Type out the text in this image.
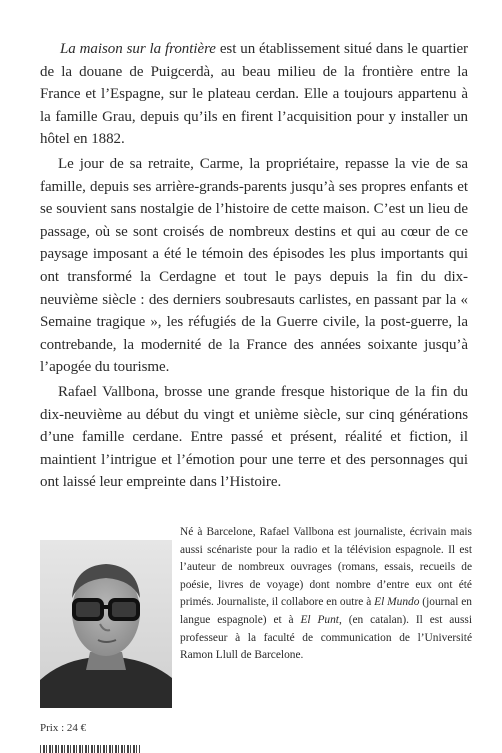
La maison sur la frontière est un établissement situé dans le quartier de la douane de Puigcerdà, au beau milieu de la frontière entre la France et l’Espagne, sur le plateau cerdan. Elle a toujours appartenu à la famille Grau, depuis qu’ils en firent l’acquisition pour y installer un hôtel en 1882.

Le jour de sa retraite, Carme, la propriétaire, repasse la vie de sa famille, depuis ses arrière-grands-parents jusqu’à ses propres enfants et se souvient sans nostalgie de l’histoire de cette maison. C’est un lieu de passage, où se sont croisés de nombreux destins et qui au cœur de ce paysage imposant a été le témoin des épisodes les plus importants qui ont transformé la Cerdagne et tout le pays depuis la fin du dix-neuvième siècle : des derniers soubresauts carlistes, en passant par la « Semaine tragique », les réfugiés de la Guerre civile, la post-guerre, la contrebande, la modernité de la France des années soixante jusqu’à l’apogée du tourisme.

Rafael Vallbona, brosse une grande fresque historique de la fin du dix-neuvième au début du vingt et unième siècle, sur cinq générations d’une famille cerdane. Entre passé et présent, réalité et fiction, il maintient l’intrigue et l’émotion pour une terre et des personnages qui ont laissé leur empreinte dans l’Histoire.

Né à Barcelone, Rafael Vallbona est journaliste, écrivain mais aussi scénariste pour la radio et la télévision espagnole. Il est l’auteur de nombreux ouvrages (romans, essais, recueils de poésie, livres de voyage) dont nombre d’entre eux ont été primés. Journaliste, il collabore en outre à El Mundo (journal en langue espagnole) et à El Punt, (en catalan). Il est aussi professeur à la faculté de communication de l’Université Ramon Llull de Barcelone.

Prix : 24 €
